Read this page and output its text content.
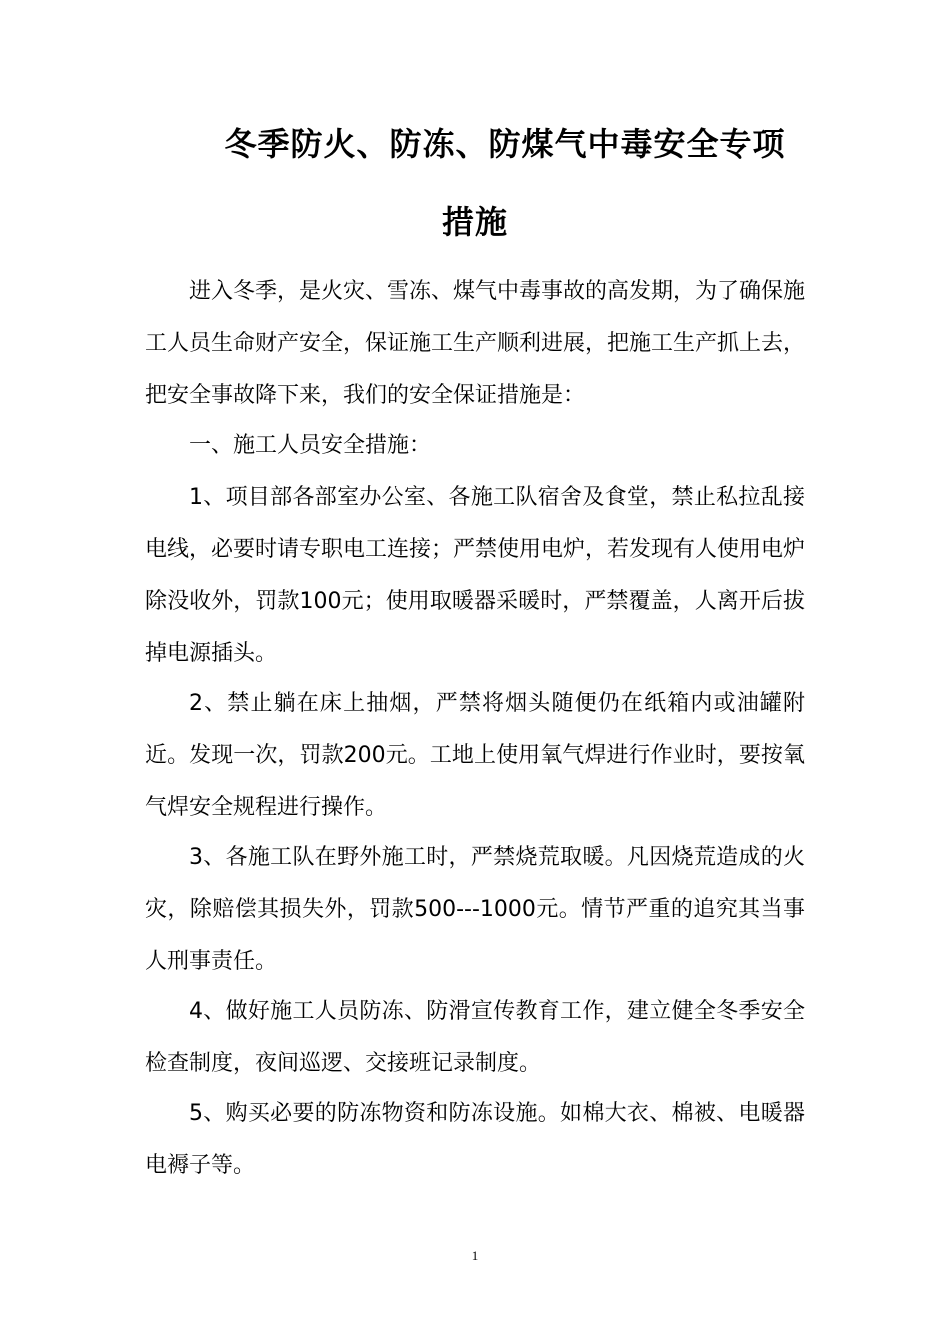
冬季防火、防冻、防煤气中毒安全专项
措施
进入冬季，是火灾、雪冻、煤气中毒事故的高发期，为了确保施工人员生命财产安全，保证施工生产顺利进展，把施工生产抓上去，把安全事故降下来，我们的安全保证措施是：
一、施工人员安全措施：
1、项目部各部室办公室、各施工队宿舍及食堂，禁止私拉乱接电线，必要时请专职电工连接；严禁使用电炉，若发现有人使用电炉除没收外，罚款100元；使用取暖器采暖时，严禁覆盖，人离开后拔掉电源插头。
2、禁止躺在床上抽烟，严禁将烟头随便仍在纸箱内或油罐附近。发现一次，罚款200元。工地上使用氧气焊进行作业时，要按氧气焊安全规程进行操作。
3、各施工队在野外施工时，严禁烧荒取暖。凡因烧荒造成的火灾，除赔偿其损失外，罚款500---1000元。情节严重的追究其当事人刑事责任。
4、做好施工人员防冻、防滑宣传教育工作，建立健全冬季安全检查制度，夜间巡逻、交接班记录制度。
5、购买必要的防冻物资和防冻设施。如棉大衣、棉被、电暖器电褥子等。
1
